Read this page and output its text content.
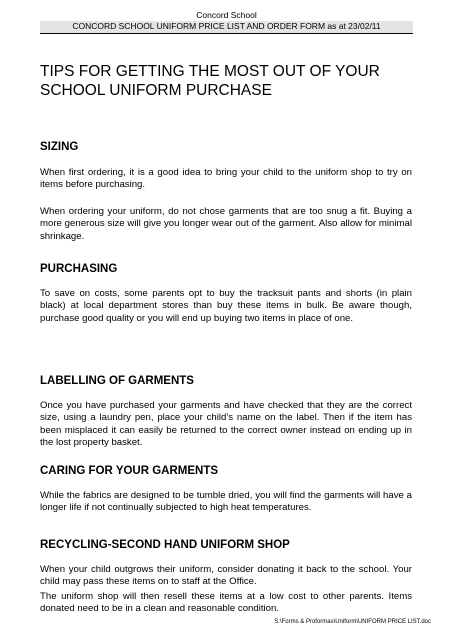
Concord School
CONCORD SCHOOL UNIFORM PRICE LIST AND ORDER FORM as at 23/02/11
TIPS FOR GETTING THE MOST OUT OF YOUR SCHOOL UNIFORM PURCHASE
SIZING

When first ordering, it is a good idea to bring your child to the uniform shop to try on items before purchasing.

When ordering your uniform, do not chose garments that are too snug a fit. Buying a more generous size will give you longer wear out of the garment. Also allow for minimal shrinkage.

PURCHASING

To save on costs, some parents opt to buy the tracksuit pants and shorts (in plain black) at local department stores than buy these items in bulk. Be aware though, purchase good quality or you will end up buying two items in place of one.

LABELLING OF GARMENTS

Once you have purchased your garments and have checked that they are the correct size, using a laundry pen, place your child’s name on the label. Then if the item has been misplaced it can easily be returned to the correct owner instead on ending up in the lost property basket.

CARING FOR YOUR GARMENTS

While the fabrics are designed to be tumble dried, you will find the garments will have a longer life if not continually subjected to high heat temperatures.

RECYCLING-SECOND HAND UNIFORM SHOP

When your child outgrows their uniform, consider donating it back to the school. Your child may pass these items on to staff at the Office.

The uniform shop will then resell these items at a low cost to other parents. Items donated need to be in a clean and reasonable condition.

S:\Forms & Proformas\Uniform\UNIFORM PRICE LIST.doc
